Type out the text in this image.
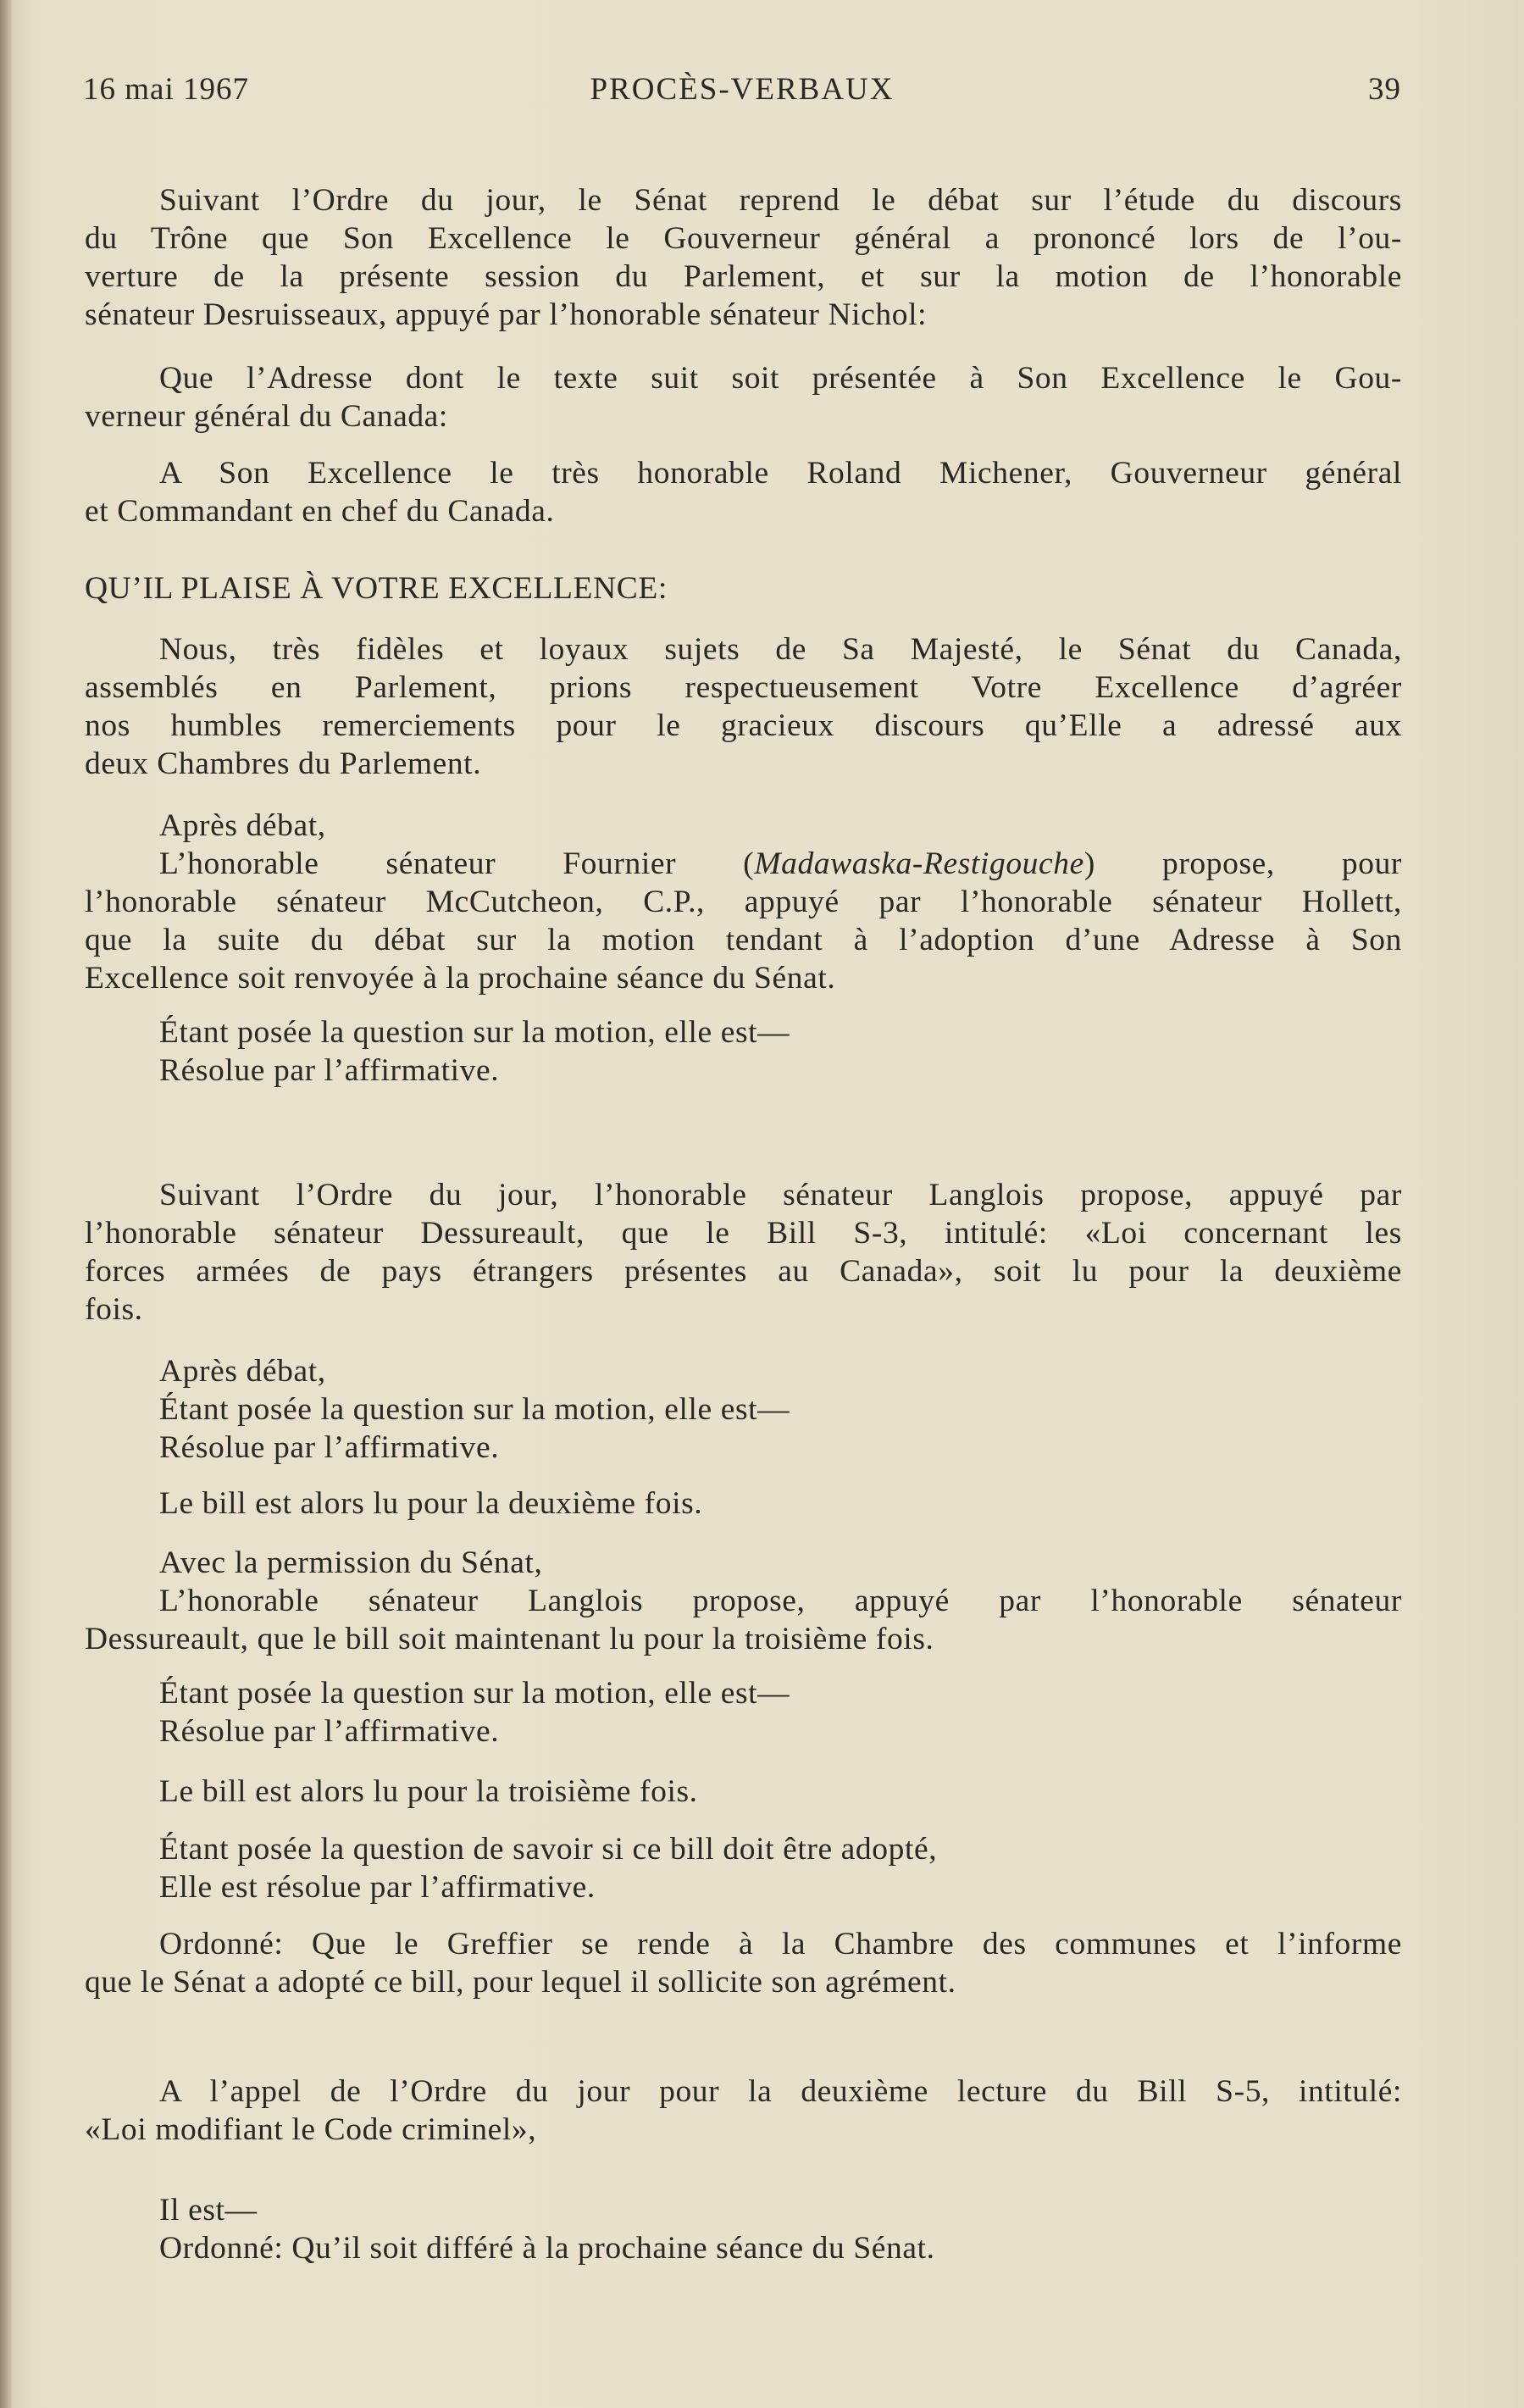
16 mai 1967	PROCÈS-VERBAUX	39
Suivant l’Ordre du jour, le Sénat reprend le débat sur l’étude du discours
du Trône que Son Excellence le Gouverneur général a prononcé lors de l’ou-
verture de la présente session du Parlement, et sur la motion de l’honorable
sénateur Desruisseaux, appuyé par l’honorable sénateur Nichol:
Que l’Adresse dont le texte suit soit présentée à Son Excellence le Gou-
verneur général du Canada:
A Son Excellence le très honorable Roland Michener, Gouverneur général
et Commandant en chef du Canada.
QU’IL PLAISE À VOTRE EXCELLENCE:
Nous, très fidèles et loyaux sujets de Sa Majesté, le Sénat du Canada,
assemblés en Parlement, prions respectueusement Votre Excellence d’agréer
nos humbles remerciements pour le gracieux discours qu’Elle a adressé aux
deux Chambres du Parlement.
Après débat,
L’honorable sénateur Fournier (Madawaska-Restigouche) propose, pour
l’honorable sénateur McCutcheon, C.P., appuyé par l’honorable sénateur Hollett,
que la suite du débat sur la motion tendant à l’adoption d’une Adresse à Son
Excellence soit renvoyée à la prochaine séance du Sénat.
Étant posée la question sur la motion, elle est—
Résolue par l’affirmative.
Suivant l’Ordre du jour, l’honorable sénateur Langlois propose, appuyé par
l’honorable sénateur Dessureault, que le Bill S-3, intitulé: «Loi concernant les
forces armées de pays étrangers présentes au Canada», soit lu pour la deuxième
fois.
Après débat,
Étant posée la question sur la motion, elle est—
Résolue par l’affirmative.
Le bill est alors lu pour la deuxième fois.
Avec la permission du Sénat,
L’honorable sénateur Langlois propose, appuyé par l’honorable sénateur
Dessureault, que le bill soit maintenant lu pour la troisième fois.
Étant posée la question sur la motion, elle est—
Résolue par l’affirmative.
Le bill est alors lu pour la troisième fois.
Étant posée la question de savoir si ce bill doit être adopté,
Elle est résolue par l’affirmative.
Ordonné: Que le Greffier se rende à la Chambre des communes et l’informe
que le Sénat a adopté ce bill, pour lequel il sollicite son agrément.
A l’appel de l’Ordre du jour pour la deuxième lecture du Bill S-5, intitulé:
«Loi modifiant le Code criminel»,
Il est—
Ordonné: Qu’il soit différé à la prochaine séance du Sénat.
